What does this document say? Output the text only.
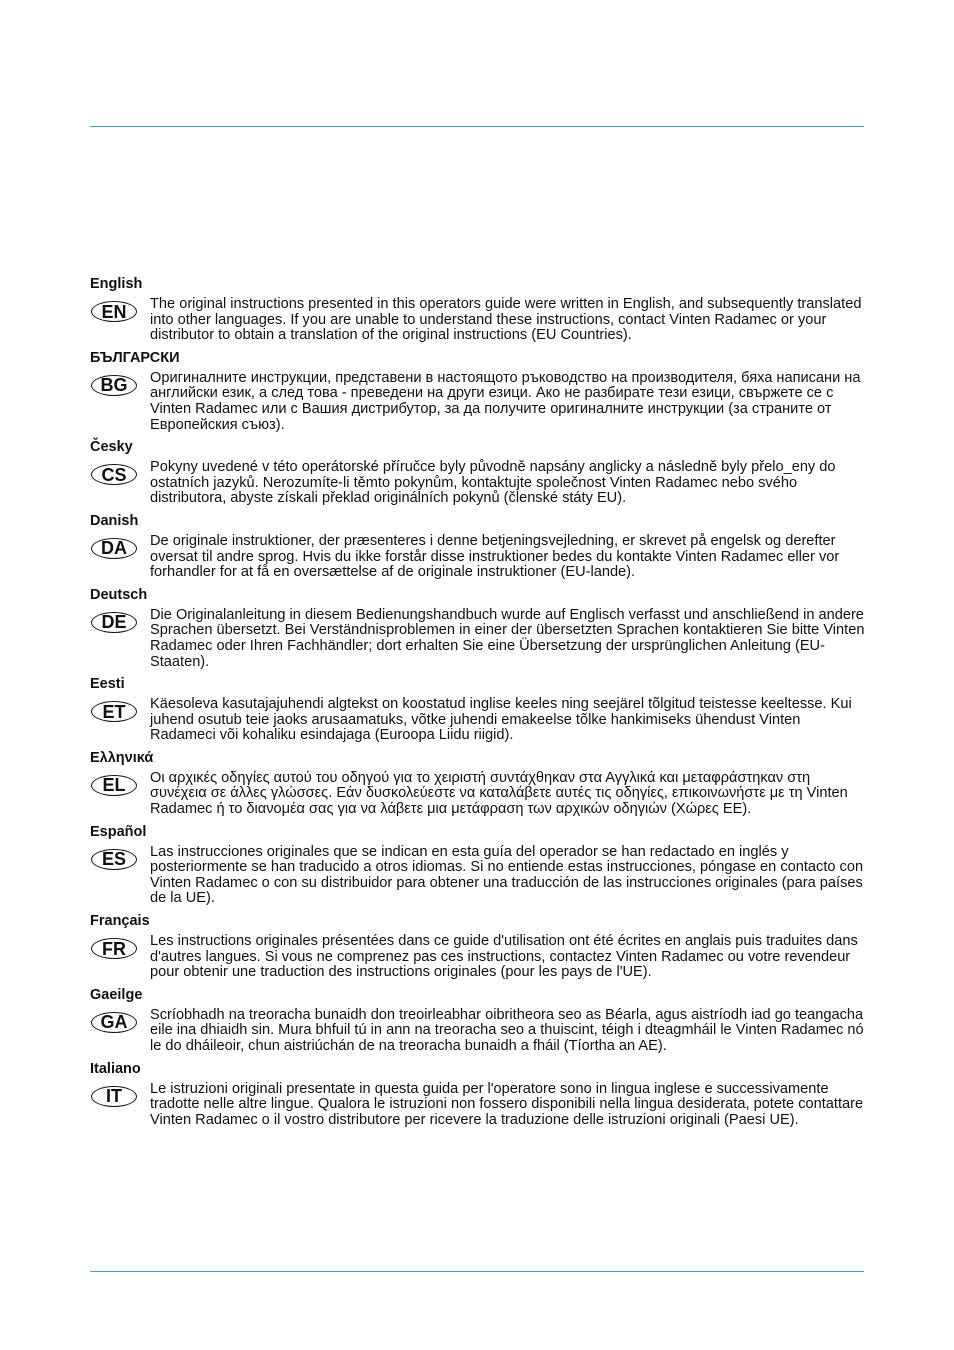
English
EN	The original instructions presented in this operators guide were written in English, and subsequently translated into other languages. If you are unable to understand these instructions, contact Vinten Radamec or your distributor to obtain a translation of the original instructions (EU Countries).

БЪЛГАРСКИ
BG	Оригиналните инструкции, представени в настоящото ръководство на производителя, бяха написани на английски език, а след това - преведени на други езици. Ако не разбирате тези езици, свържете се с Vinten Radamec или с Вашия дистрибутор, за да получите оригиналните инструкции (за страните от Европейския съюз).

Česky
CS	Pokyny uvedené v této operátorské příručce byly původně napsány anglicky a následně byly přelo_eny do ostatních jazyků. Nerozumíte-li těmto pokynům, kontaktujte společnost Vinten Radamec nebo svého distributora, abyste získali překlad originálních pokynů (členské státy EU).

Danish
DA	De originale instruktioner, der præsenteres i denne betjeningsvejledning, er skrevet på engelsk og derefter oversat til andre sprog. Hvis du ikke forstår disse instruktioner bedes du kontakte Vinten Radamec eller vor forhandler for at få en oversættelse af de originale instruktioner (EU-lande).

Deutsch
DE	Die Originalanleitung in diesem Bedienungshandbuch wurde auf Englisch verfasst und anschließend in andere Sprachen übersetzt. Bei Verständnisproblemen in einer der übersetzten Sprachen kontaktieren Sie bitte Vinten Radamec oder Ihren Fachhändler; dort erhalten Sie eine Übersetzung der ursprünglichen Anleitung (EU-Staaten).

Eesti
ET	Käesoleva kasutajajuhendi algtekst on koostatud inglise keeles ning seejärel tõlgitud teistesse keeltesse. Kui juhend osutub teie jaoks arusaamatuks, võtke juhendi emakeelse tõlke hankimiseks ühendust Vinten Radameci või kohaliku esindajaga (Euroopa Liidu riigid).

Ελληνικά
EL	Οι αρχικές οδηγίες αυτού του οδηγού για το χειριστή συντάχθηκαν στα Αγγλικά και μεταφράστηκαν στη συνέχεια σε άλλες γλώσσες. Εάν δυσκολεύεστε να καταλάβετε αυτές τις οδηγίες, επικοινωνήστε με τη Vinten Radamec ή το διανομέα σας για να λάβετε μια μετάφραση των αρχικών οδηγιών (Χώρες ΕΕ).

Español
ES	Las instrucciones originales que se indican en esta guía del operador se han redactado en inglés y posteriormente se han traducido a otros idiomas. Si no entiende estas instrucciones, póngase en contacto con Vinten Radamec o con su distribuidor para obtener una traducción de las instrucciones originales (para países de la UE).

Français
FR	Les instructions originales présentées dans ce guide d'utilisation ont été écrites en anglais puis traduites dans d'autres langues. Si vous ne comprenez pas ces instructions, contactez Vinten Radamec ou votre revendeur pour obtenir une traduction des instructions originales (pour les pays de l'UE).

Gaeilge
GA	Scríobhadh na treoracha bunaidh don treoirleabhar oibritheora seo as Béarla, agus aistríodh iad go teangacha eile ina dhiaidh sin. Mura bhfuil tú in ann na treoracha seo a thuiscint, téigh i dteagmháil le Vinten Radamec nó le do dháileoir, chun aistriúchán de na treoracha bunaidh a fháil (Tíortha an AE).

Italiano
IT	Le istruzioni originali presentate in questa guida per l'operatore sono in lingua inglese e successivamente tradotte nelle altre lingue. Qualora le istruzioni non fossero disponibili nella lingua desiderata, potete contattare Vinten Radamec o il vostro distributore per ricevere la traduzione delle istruzioni originali (Paesi UE).
